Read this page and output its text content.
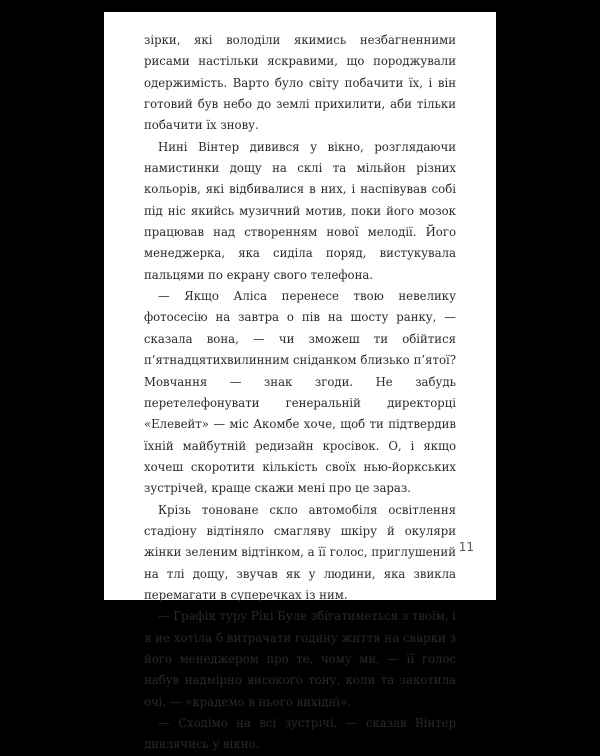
зірки, які володіли якимись незбагненними рисами настільки яскравими, що породжували одержимість. Варто було світу побачити їх, і він готовий був небо до землі прихилити, аби тільки побачити їх знову.

Нині Вінтер дивився у вікно, розглядаючи намистинки дощу на склі та мільйон різних кольорів, які відбивалися в них, і наспівував собі під ніс якийсь музичний мотив, поки його мозок працював над створенням нової мелодії. Його менеджерка, яка сиділа поряд, вистукувала пальцями по екрану свого телефона.

— Якщо Аліса перенесе твою невелику фотосесію на завтра о пів на шосту ранку, — сказала вона, — чи зможеш ти обійтися п’ятнадцятихвилинним сніданком близько п’ятої? Мовчання — знак згоди. Не забудь перетелефонувати генеральній директорці «Елевейт» — міс Акомбе хоче, щоб ти підтвердив їхній майбутній редизайн кросівок. О, і якщо хочеш скоротити кількість своїх нью-йоркських зустрічей, краще скажи мені про це зараз.

Крізь тоноване скло автомобіля освітлення стадіону відтіняло смагляву шкіру й окуляри жінки зеленим відтінком, а її голос, приглушений на тлі дощу, звучав як у людини, яка звикла перемагати в суперечках із ним.

— Графік туру Рікі Буле збігатиметься з твоїм, і я не хотіла б витрачати годину життя на сварки з його менеджером про те, чому ми, — її голос набув надмірно високого тону, коли та закотила очі, — «крадемо в нього вихідні».

— Сходімо на всі зустрічі, — сказав Вінтер дивлячись у вікно.

11
